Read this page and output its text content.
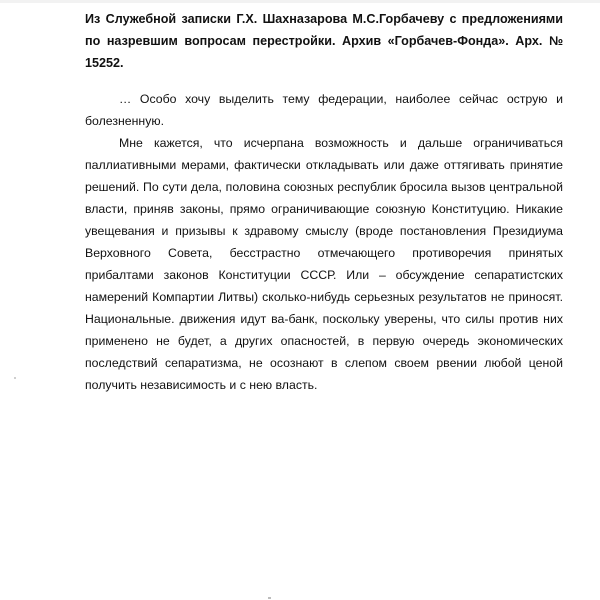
Из Служебной записки Г.Х. Шахназарова М.С.Горбачеву с предложениями по назревшим вопросам перестройки. Архив «Горбачев-Фонда». Арх. № 15252.

… Особо хочу выделить тему федерации, наиболее сейчас острую и болезненную.

Мне кажется, что исчерпана возможность и дальше ограничиваться паллиативными мерами, фактически откладывать или даже оттягивать принятие решений. По сути дела, половина союзных республик бросила вызов центральной власти, приняв законы, прямо ограничивающие союзную Конституцию. Никакие увещевания и призывы к здравому смыслу (вроде постановления Президиума Верховного Совета, бесстрастно отмечающего противоречия принятых прибалтами законов Конституции СССР. Или – обсуждение сепаратистских намерений Компартии Литвы) сколько-нибудь серьезных результатов не приносят. Национальные. движения идут ва-банк, поскольку уверены, что силы против них применено не будет, а других опасностей, в первую очередь экономических последствий сепаратизма, не осознают в слепом своем рвении любой ценой получить независимость и с нею власть.
